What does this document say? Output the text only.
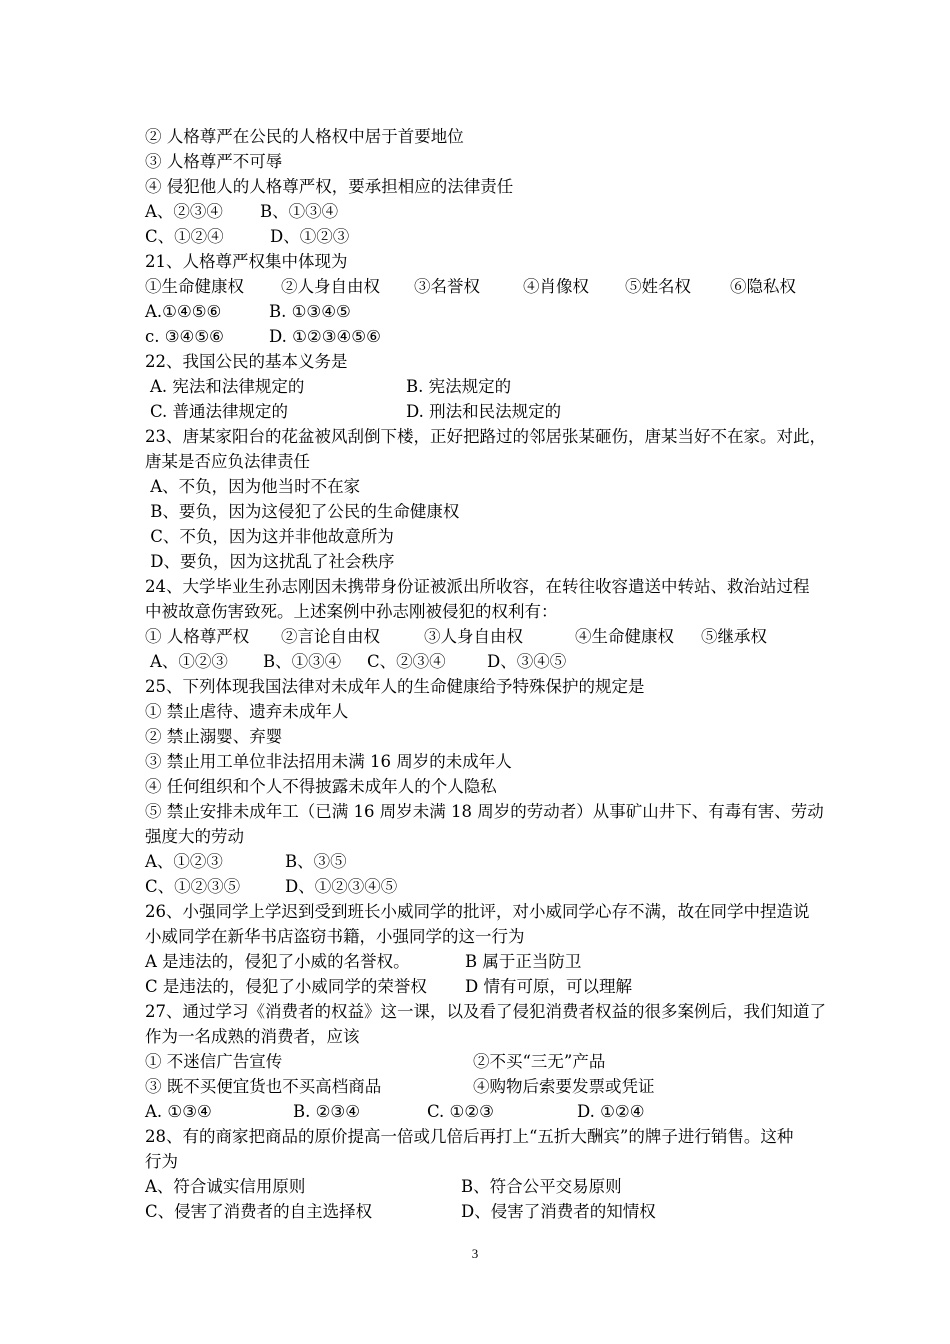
② 人格尊严在公民的人格权中居于首要地位
③ 人格尊严不可辱
④ 侵犯他人的人格尊严权，要承担相应的法律责任
A、②③④	B、①③④
C、①②④	D、①②③
21、人格尊严权集中体现为
①生命健康权	②人身自由权	③名誉权	④肖像权	⑤姓名权	⑥隐私权
A.①④⑤⑥	B. ①③④⑤
c. ③④⑤⑥	D. ①②③④⑤⑥
22、我国公民的基本义务是
A. 宪法和法律规定的	B. 宪法规定的
C. 普通法律规定的	D. 刑法和民法规定的
23、唐某家阳台的花盆被风刮倒下楼，正好把路过的邻居张某砸伤，唐某当好不在家。对此，
唐某是否应负法律责任
A、不负，因为他当时不在家
B、要负，因为这侵犯了公民的生命健康权
C、不负，因为这并非他故意所为
D、要负，因为这扰乱了社会秩序
24、大学毕业生孙志刚因未携带身份证被派出所收容，在转往收容遣送中转站、救治站过程
中被故意伤害致死。上述案例中孙志刚被侵犯的权利有：
① 人格尊严权	②言论自由权	③人身自由权	④生命健康权	⑤继承权
A、①②③	B、①③④	C、②③④	D、③④⑤
25、下列体现我国法律对未成年人的生命健康给予特殊保护的规定是
① 禁止虐待、遗弃未成年人
② 禁止溺婴、弃婴
③ 禁止用工单位非法招用未满 16 周岁的未成年人
④ 任何组织和个人不得披露未成年人的个人隐私
⑤ 禁止安排未成年工（已满 16 周岁未满 18 周岁的劳动者）从事矿山井下、有毒有害、劳动
强度大的劳动
A、①②③	B、③⑤
C、①②③⑤	D、①②③④⑤
26、小强同学上学迟到受到班长小威同学的批评，对小威同学心存不满，故在同学中捏造说
小威同学在新华书店盗窃书籍，小强同学的这一行为
A 是违法的，侵犯了小威的名誉权。	B 属于正当防卫
C 是违法的，侵犯了小威同学的荣誉权	D 情有可原，可以理解
27、通过学习《消费者的权益》这一课，以及看了侵犯消费者权益的很多案例后，我们知道了
作为一名成熟的消费者，应该
① 不迷信广告宣传	②不买“三无”产品
③ 既不买便宜货也不买高档商品	④购物后索要发票或凭证
A. ①③④	B. ②③④	C. ①②③	D. ①②④
28、有的商家把商品的原价提高一倍或几倍后再打上“五折大酬宾”的牌子进行销售。这种
行为
A、符合诚实信用原则	B、符合公平交易原则
C、侵害了消费者的自主选择权	D、侵害了消费者的知情权
3
